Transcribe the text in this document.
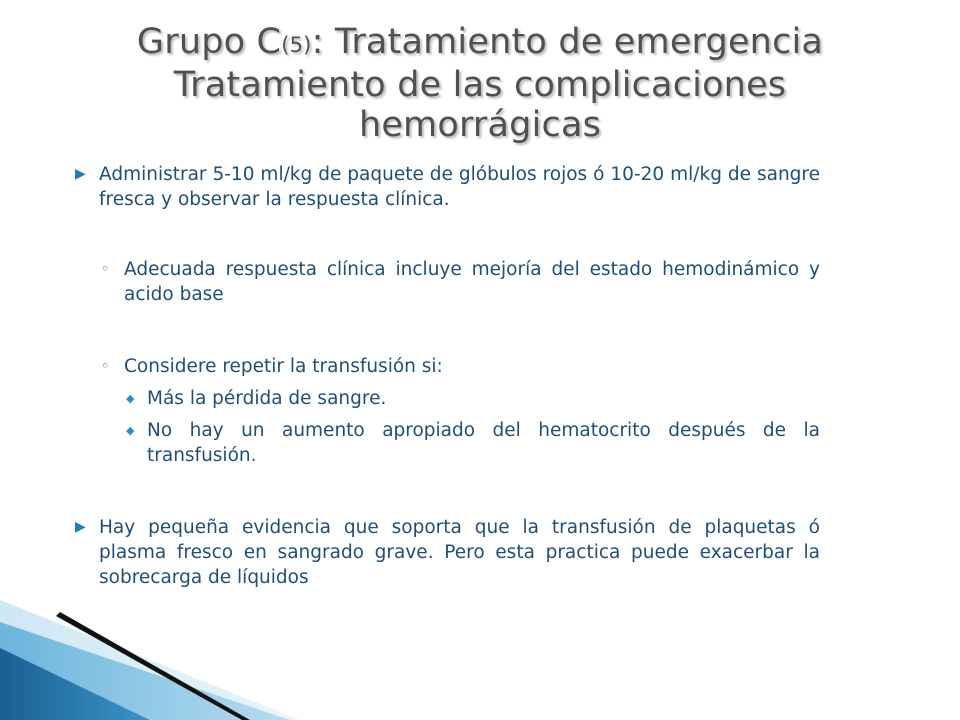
Grupo C(5): Tratamiento de emergencia
Tratamiento de las complicaciones
hemorrágicas
▶ Administrar 5-10 ml/kg de paquete de glóbulos rojos ó 10-20 ml/kg de sangre fresca y observar la respuesta clínica.
◦ Adecuada respuesta clínica incluye mejoría del estado hemodinámico y acido base
◦ Considere repetir la transfusión si:
◆ Más la pérdida de sangre.
◆ No hay un aumento apropiado del hematocrito después de la transfusión.
▶ Hay pequeña evidencia que soporta que la transfusión de plaquetas ó plasma fresco en sangrado grave. Pero esta practica puede exacerbar la sobrecarga de líquidos
